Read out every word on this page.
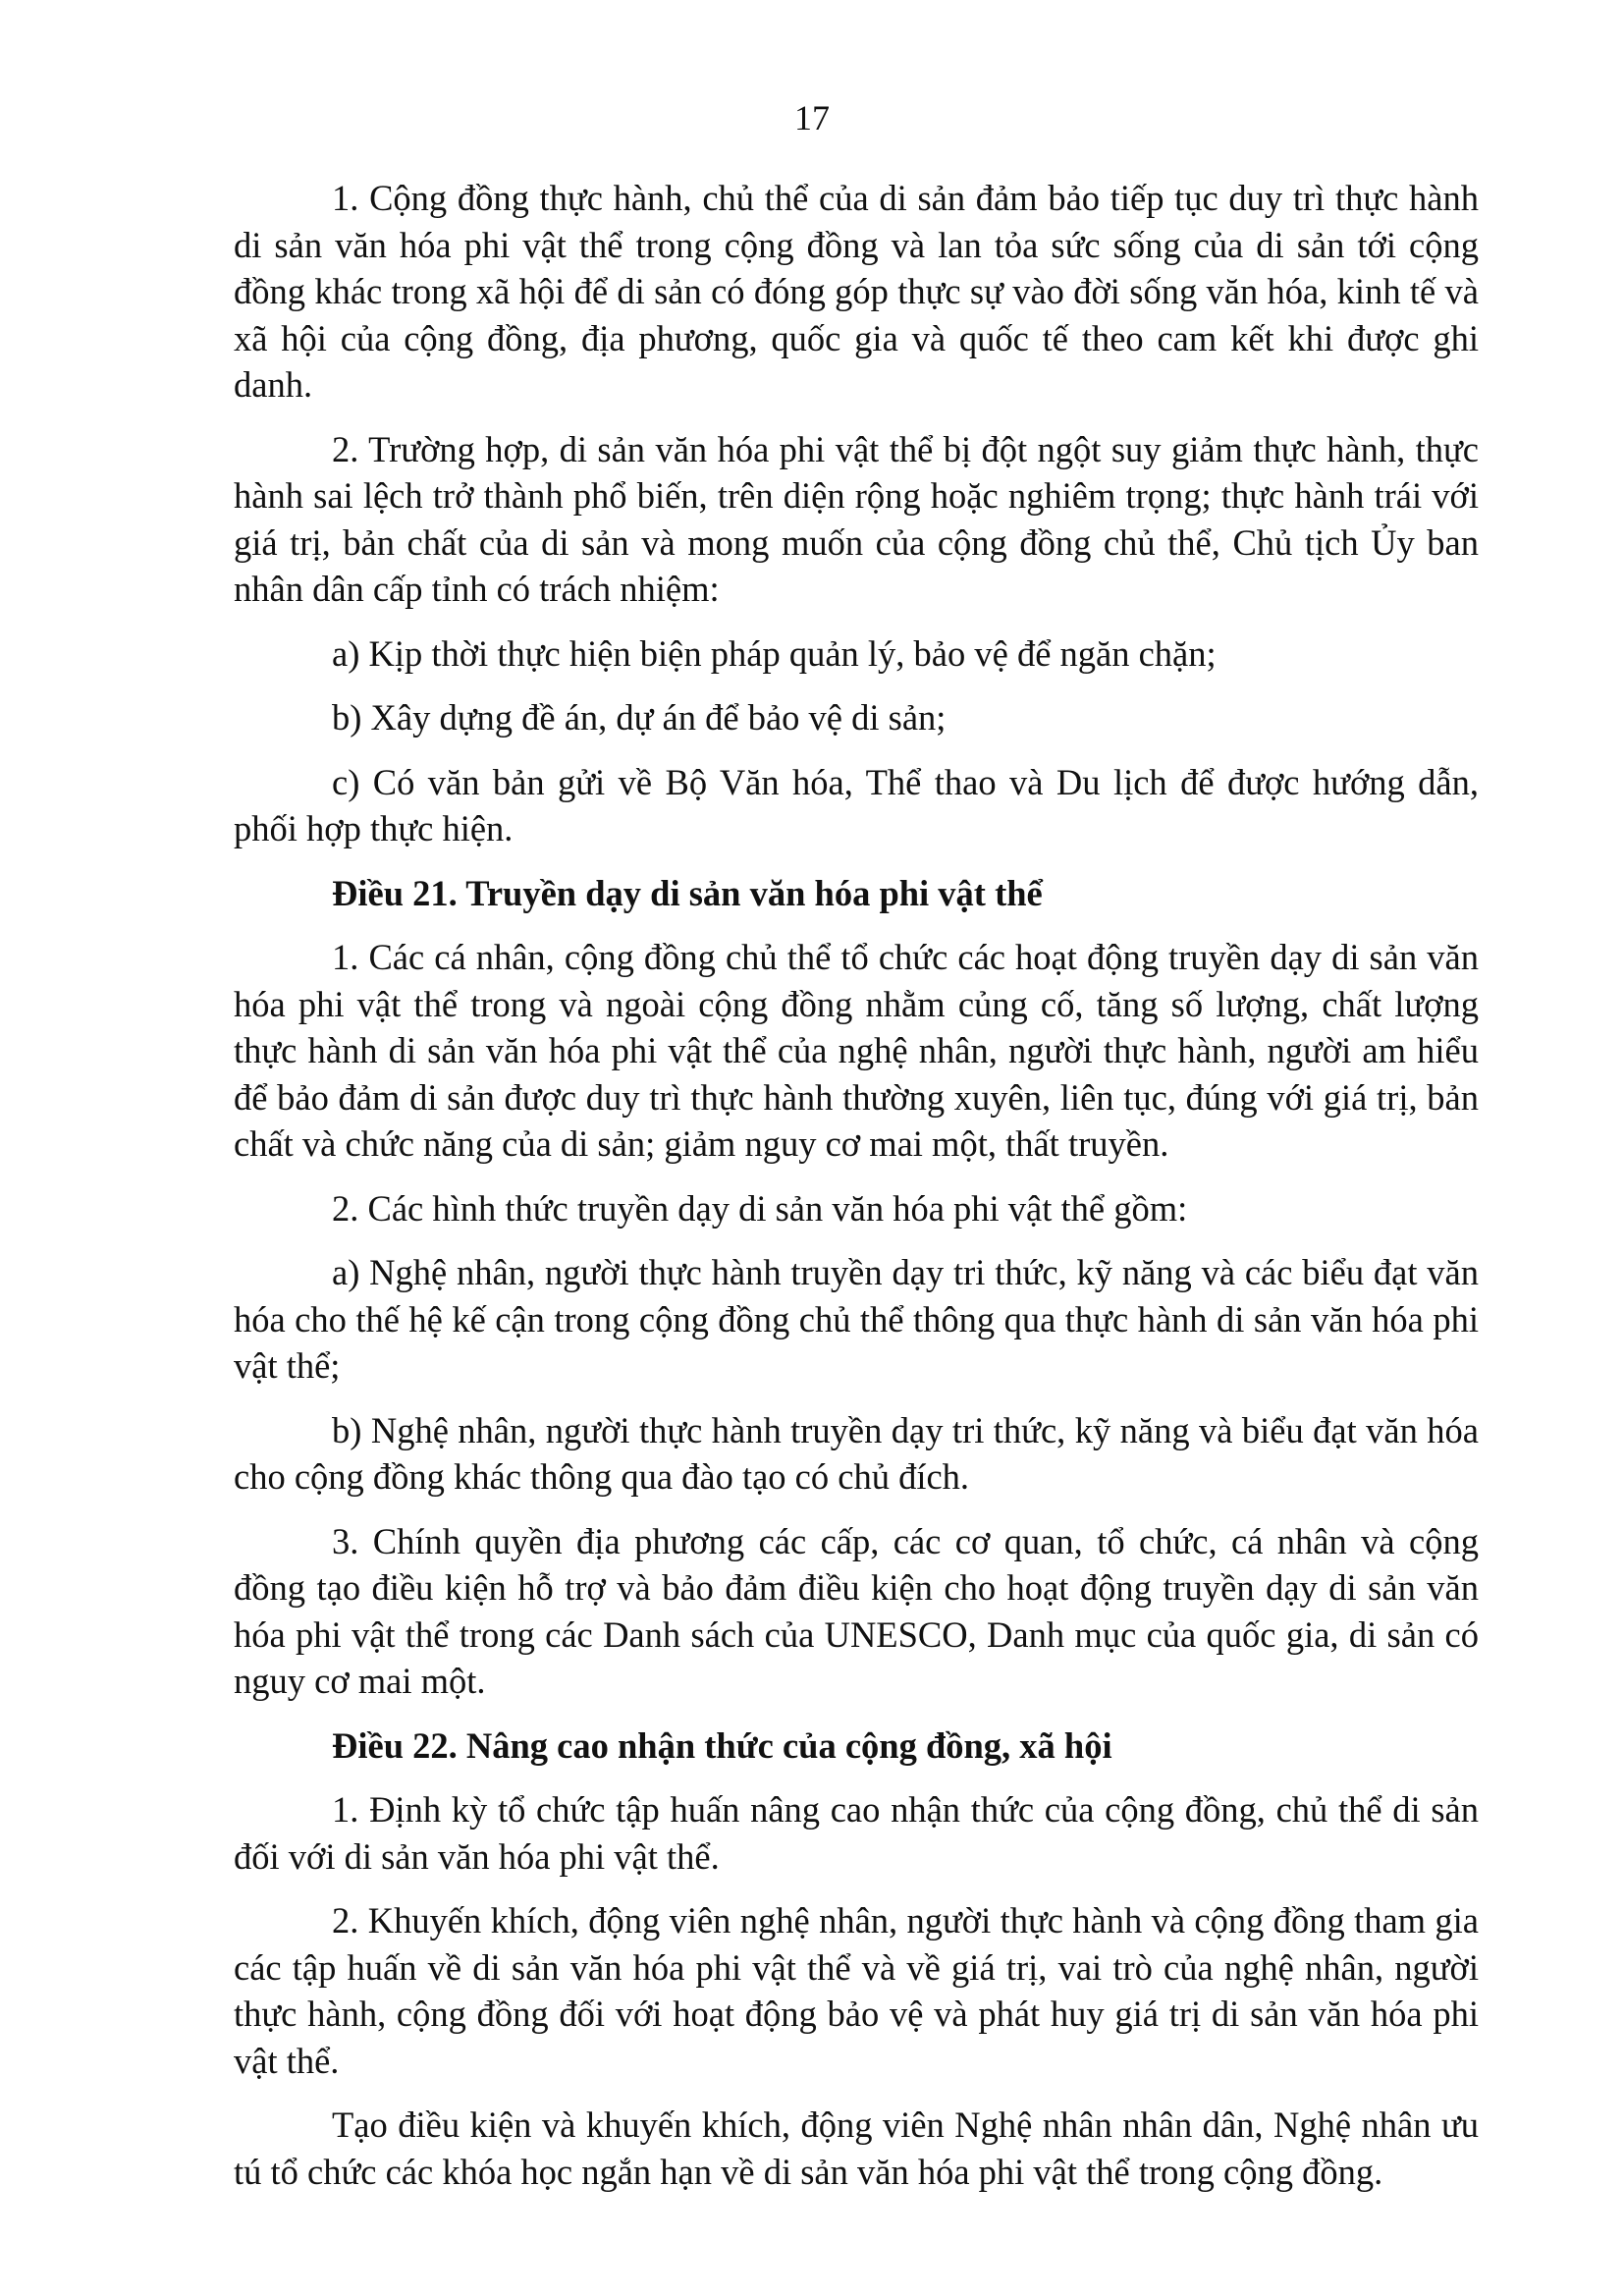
17

1. Cộng đồng thực hành, chủ thể của di sản đảm bảo tiếp tục duy trì thực hành di sản văn hóa phi vật thể trong cộng đồng và lan tỏa sức sống của di sản tới cộng đồng khác trong xã hội để di sản có đóng góp thực sự vào đời sống văn hóa, kinh tế và xã hội của cộng đồng, địa phương, quốc gia và quốc tế theo cam kết khi được ghi danh.

2. Trường hợp, di sản văn hóa phi vật thể bị đột ngột suy giảm thực hành, thực hành sai lệch trở thành phổ biến, trên diện rộng hoặc nghiêm trọng; thực hành trái với giá trị, bản chất của di sản và mong muốn của cộng đồng chủ thể, Chủ tịch Ủy ban nhân dân cấp tỉnh có trách nhiệm:

a) Kịp thời thực hiện biện pháp quản lý, bảo vệ để ngăn chặn;

b) Xây dựng đề án, dự án để bảo vệ di sản;

c) Có văn bản gửi về Bộ Văn hóa, Thể thao và Du lịch để được hướng dẫn, phối hợp thực hiện.

Điều 21. Truyền dạy di sản văn hóa phi vật thể

1. Các cá nhân, cộng đồng chủ thể tổ chức các hoạt động truyền dạy di sản văn hóa phi vật thể trong và ngoài cộng đồng nhằm củng cố, tăng số lượng, chất lượng thực hành di sản văn hóa phi vật thể của nghệ nhân, người thực hành, người am hiểu để bảo đảm di sản được duy trì thực hành thường xuyên, liên tục, đúng với giá trị, bản chất và chức năng của di sản; giảm nguy cơ mai một, thất truyền.

2. Các hình thức truyền dạy di sản văn hóa phi vật thể gồm:

a) Nghệ nhân, người thực hành truyền dạy tri thức, kỹ năng và các biểu đạt văn hóa cho thế hệ kế cận trong cộng đồng chủ thể thông qua thực hành di sản văn hóa phi vật thể;

b) Nghệ nhân, người thực hành truyền dạy tri thức, kỹ năng và biểu đạt văn hóa cho cộng đồng khác thông qua đào tạo có chủ đích.

3. Chính quyền địa phương các cấp, các cơ quan, tổ chức, cá nhân và cộng đồng tạo điều kiện hỗ trợ và bảo đảm điều kiện cho hoạt động truyền dạy di sản văn hóa phi vật thể trong các Danh sách của UNESCO, Danh mục của quốc gia, di sản có nguy cơ mai một.

Điều 22. Nâng cao nhận thức của cộng đồng, xã hội

1. Định kỳ tổ chức tập huấn nâng cao nhận thức của cộng đồng, chủ thể di sản đối với di sản văn hóa phi vật thể.

2. Khuyến khích, động viên nghệ nhân, người thực hành và cộng đồng tham gia các tập huấn về di sản văn hóa phi vật thể và về giá trị, vai trò của nghệ nhân, người thực hành, cộng đồng đối với hoạt động bảo vệ và phát huy giá trị di sản văn hóa phi vật thể.

Tạo điều kiện và khuyến khích, động viên Nghệ nhân nhân dân, Nghệ nhân ưu tú tổ chức các khóa học ngắn hạn về di sản văn hóa phi vật thể trong cộng đồng.
